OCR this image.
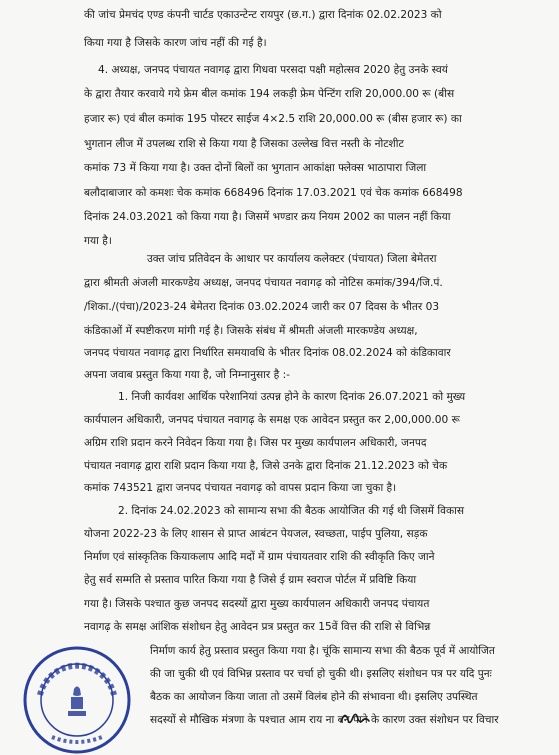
की जांच प्रेमचंद एण्ड कंपनी चार्टड एकाउन्टेन्ट रायपुर (छ.ग.) द्वारा दिनांक 02.02.2023 को

किया गया है जिसके कारण जांच नहीं की गई है।

4. अध्यक्ष, जनपद पंचायत नवागढ़ द्वारा गिधवा परसदा पक्षी महोत्सव 2020 हेतु उनके स्वयं

के द्वारा तैयार करवाये गये फ्रेम बील कमांक 194 लकड़ी फ्रेम पेन्टिंग राशि 20,000.00 रू (बीस

हजार रू) एवं बील कमांक 195 पोस्टर साईज 4×2.5 राशि 20,000.00 रू (बीस हजार रू) का

भुगतान लीज में उपलब्ध राशि से किया गया है जिसका उल्लेख वित्त नस्ती के नोटशीट

कमांक 73 में किया गया है। उक्त दोनों बिलों का भुगतान आकांक्षा फ्लेक्स भाठापारा जिला

बलौदाबाजार को कमशः चेक कमांक 668496 दिनांक 17.03.2021 एवं चेक कमांक 668498

दिनांक 24.03.2021 को किया गया है। जिसमें भण्डार क्रय नियम 2002 का पालन नहीं किया

गया है।

उक्त जांच प्रतिवेदन के आधार पर कार्यालय कलेक्टर (पंचायत) जिला बेमेतरा

द्वारा श्रीमती अंजली मारकण्डेय अध्यक्ष, जनपद पंचायत नवागढ़ को नोटिस कमांक/394/जि.पं.

/शिका./(पंचा)/2023-24 बेमेतरा दिनांक 03.02.2024 जारी कर 07 दिवस के भीतर 03

कंडिकाओं में स्पष्टीकरण मांगी गई है। जिसके संबंध में श्रीमती अंजली मारकण्डेय अध्यक्ष,

जनपद पंचायत नवागढ़ द्वारा निर्धारित समयावधि के भीतर दिनांक 08.02.2024 को कंडिकावार

अपना जवाब प्रस्तुत किया गया है, जो निम्नानुसार है :-

1. निजी कार्यवश आर्थिक परेशानियां उत्पन्न होने के कारण दिनांक 26.07.2021 को मुख्य

कार्यपालन अधिकारी, जनपद पंचायत नवागढ़ के समक्ष एक आवेदन प्रस्तुत कर 2,00,000.00 रू

अग्रिम राशि प्रदान करने निवेदन किया गया है। जिस पर मुख्य कार्यपालन अधिकारी, जनपद

पंचायत नवागढ़ द्वारा राशि प्रदान किया गया है, जिसे उनके द्वारा दिनांक 21.12.2023 को चेक

कमांक 743521 द्वारा जनपद पंचायत नवागढ़ को वापस प्रदान किया जा चुका है।

2. दिनांक 24.02.2023 को सामान्य सभा की बैठक आयोजित की गई थी जिसमें विकास

योजना 2022-23 के लिए शासन से प्राप्त आबंटन पेयजल, स्वच्छता, पाईप पुलिया, सड़क

निर्माण एवं सांस्कृतिक कियाकलाप आदि मदों में ग्राम पंचायतवार राशि की स्वीकृति किए जाने

हेतु सर्व सम्मति से प्रस्ताव पारित किया गया है जिसे ई ग्राम स्वराज पोर्टल में प्रविष्टि किया

गया है। जिसके पश्चात कुछ जनपद सदस्यों द्वारा मुख्य कार्यपालन अधिकारी जनपद पंचायत

नवागढ़ के समक्ष आंशिक संशोधन हेतु आवेदन प्रत्र प्रस्तुत कर 15वें वित्त की राशि से विभिन्न

निर्माण कार्य हेतु प्रस्ताव प्रस्तुत किया गया है। चूंकि सामान्य सभा की बैठक पूर्व में आयोजित

की जा चुकी थी एवं विभिन्न प्रस्ताव पर चर्चा हो चुकी थी। इसलिए संशोधन पत्र पर यदि पुनः

बैठक का आयोजन किया जाता तो उसमें विलंब होने की संभावना थी। इसलिए उपस्थित

सदस्यों से मौखिक मंत्रणा के पश्चात आम राय ना बन पाने के कारण उक्त संशोधन पर विचार
